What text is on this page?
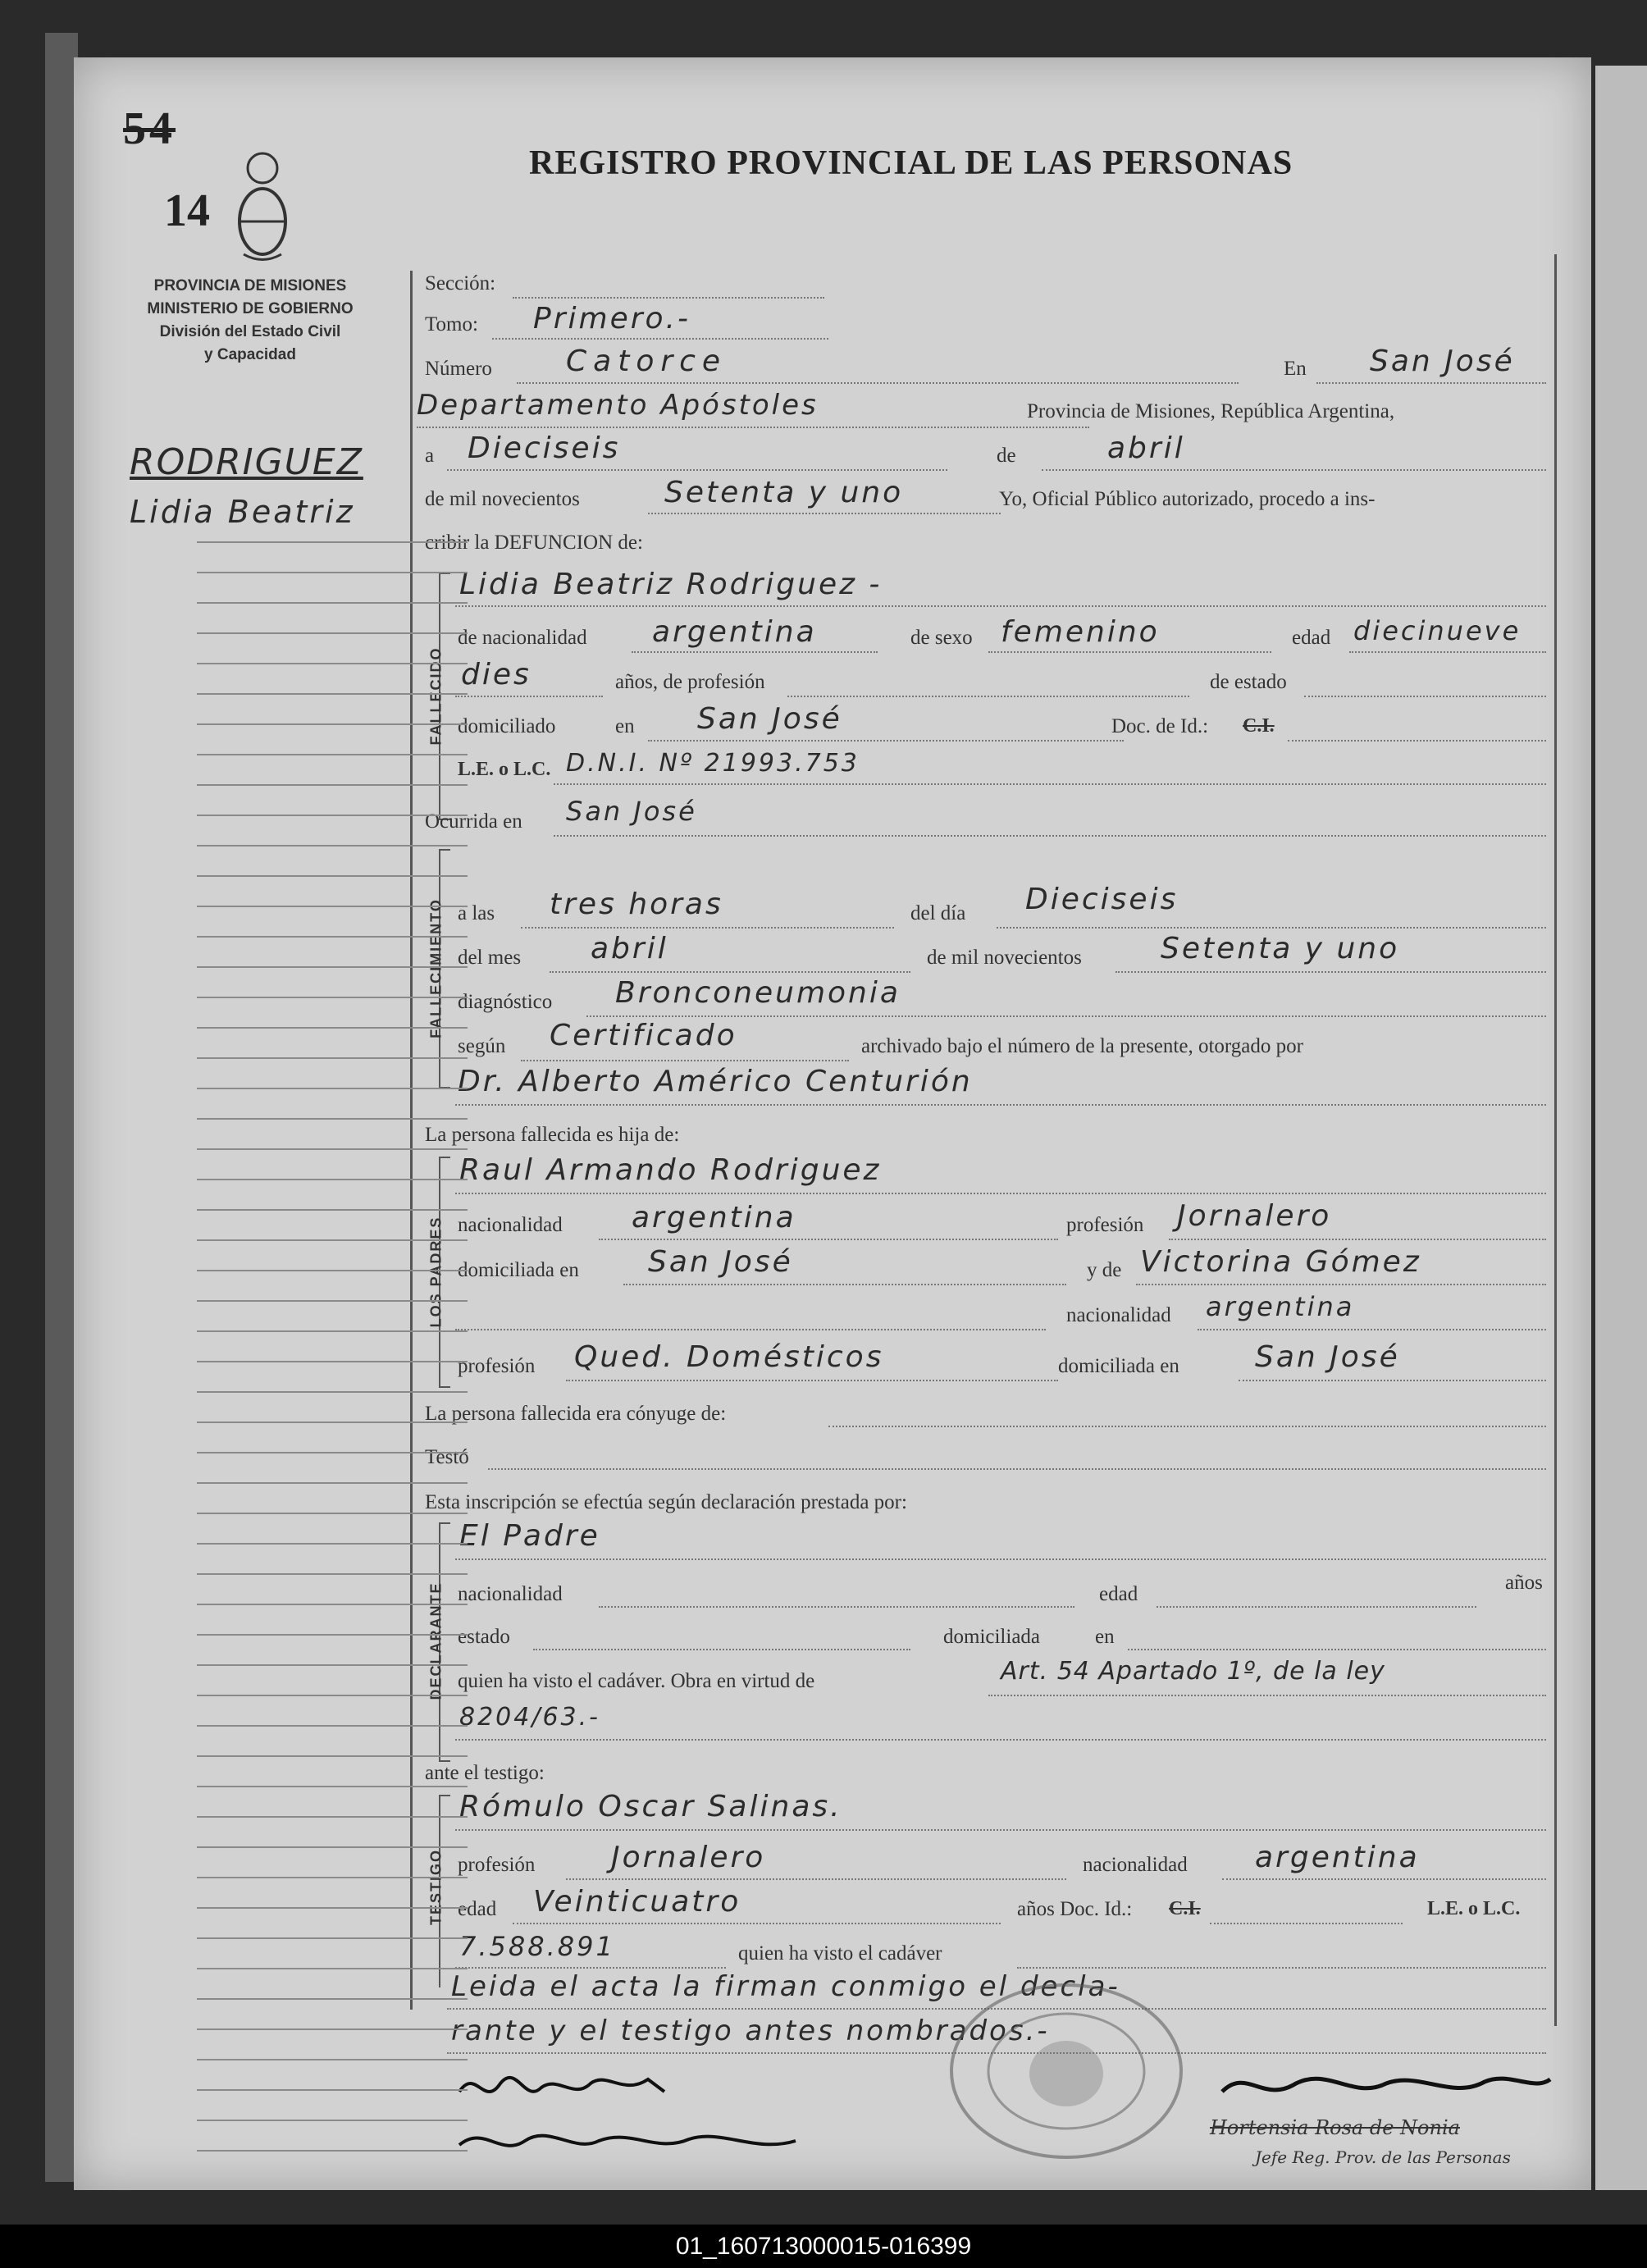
54
14
REGISTRO PROVINCIAL DE LAS PERSONAS
PROVINCIA DE MISIONES
MINISTERIO DE GOBIERNO
División del Estado Civil
y Capacidad
RODRIGUEZ
Lidia Beatriz
Sección:
Tomo: Primero.-
Número	Catorce	En San José
Departamento Apóstoles	Provincia de Misiones, República Argentina,
a Dieciseis	de	abril
de mil novecientos	Setenta y uno	Yo, Oficial Público autorizado, procedo a ins-
cribir la DEFUNCION de:
FALLECIDO
Lidia Beatriz Rodriguez -
de nacionalidad argentina	de sexo femenino	edad diecinueve
dies	años, de profesión	de estado
domiciliado	en San José	Doc. de Id.: C.I.
L.E. o L.C. D.N.I. Nº 21993.753
Ocurrida en San José
FALLECIMIENTO a las tres horas	del día Dieciseis
del mes abril	de mil novecientos	Setenta y uno
diagnóstico Bronconeumonia
según Certificado	archivado bajo el número de la presente, otorgado por
Dr. Alberto Américo Centurión
La persona fallecida es hija de:
LOS PADRES
Raul Armando Rodriguez
nacionalidad argentina	profesión Jornalero
domiciliada en San José	y de Victorina Gómez
nacionalidad argentina
profesión Qued. Domésticos	domiciliada en	San José
La persona fallecida era cónyuge de:
Testó
Esta inscripción se efectúa según declaración prestada por:
DECLARANTE
El Padre
nacionalidad	edad
años
estado	domiciliada	en
quien ha visto el cadáver. Obra en virtud de	Art. 54 Apartado 1º, de la ley
8204/63.-
ante el testigo:
TESTIGO
Rómulo Oscar Salinas.
profesión	Jornalero	nacionalidad argentina
edad Veinticuatro	años Doc. Id.: C.I.	L.E. o L.C.
7.588.891	quien ha visto el cadáver
Leida el acta la firman conmigo el decla-
rante y el testigo antes nombrados.-
Hortensia Rosa de Nonia
Jefe Reg. Prov. de las Personas
01_160713000015-016399
